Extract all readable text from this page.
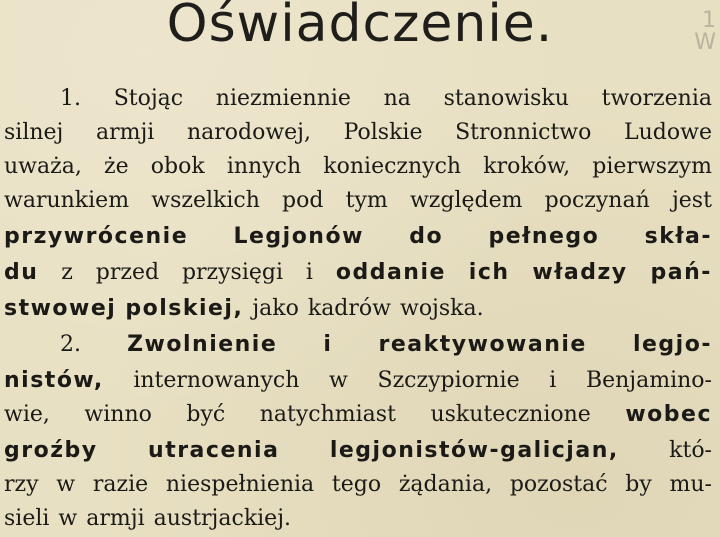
Oświadczenie.	1
W
1. Stojąc niezmiennie na stanowisku tworzenia
silnej armji narodowej, Polskie Stronnictwo Ludowe
uważa, że obok innych koniecznych kroków, pierwszym
warunkiem wszelkich pod tym względem poczynań jest
przywrócenie Legjonów do pełnego skła-
du z przed przysięgi i oddanie ich władzy pań-
stwowej polskiej, jako kadrów wojska.
2. Zwolnienie i reaktywowanie legjo-
nistów, internowanych w Szczypiornie i Benjamino-
wie, winno być natychmiast uskutecznione wobec
groźby utracenia legjonistów-galicjan, któ-
rzy w razie niespełnienia tego żądania, pozostać by mu-
sieli w armji austrjackiej.
